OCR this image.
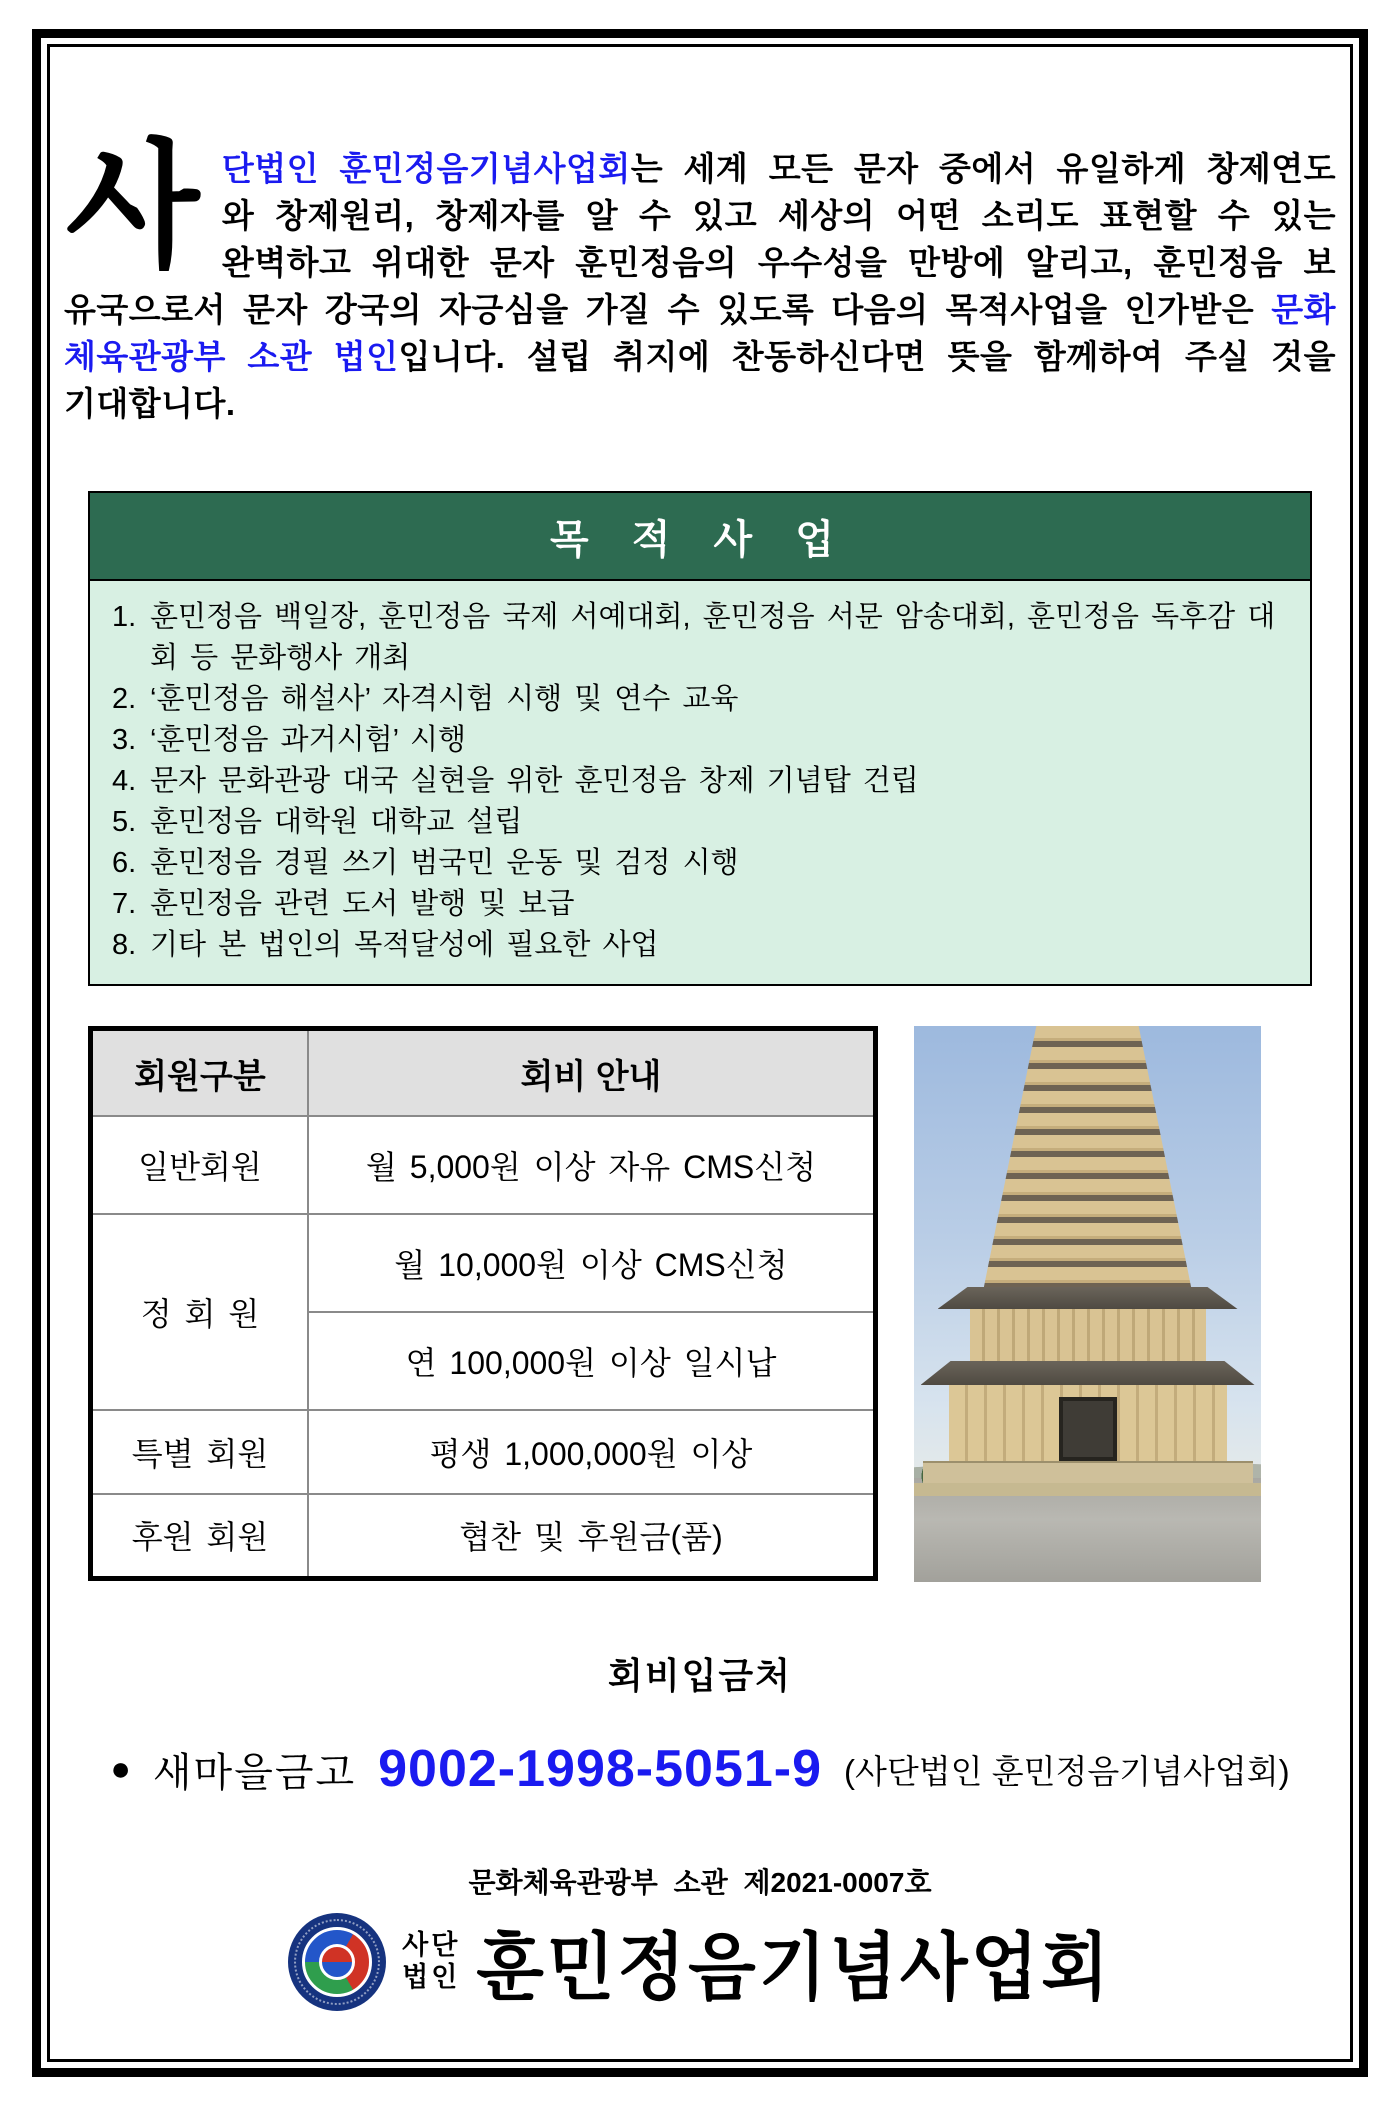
사단법인 훈민정음기념사업회는 세계 모든 문자 중에서 유일하게 창제연도와 창제원리, 창제자를 알 수 있고 세상의 어떤 소리도 표현할 수 있는 완벽하고 위대한 문자 훈민정음의 우수성을 만방에 알리고, 훈민정음 보유국으로서 문자 강국의 자긍심을 가질 수 있도록 다음의 목적사업을 인가받은 문화체육관광부 소관 법인입니다. 설립 취지에 찬동하신다면 뜻을 함께하여 주실 것을 기대합니다.
목 적 사 업
1. 훈민정음 백일장, 훈민정음 국제 서예대회, 훈민정음 서문 암송대회, 훈민정음 독후감 대회 등 문화행사 개최
2. ‘훈민정음 해설사’ 자격시험 시행 및 연수 교육
3. ‘훈민정음 과거시험’ 시행
4. 문자 문화관광 대국 실현을 위한 훈민정음 창제 기념탑 건립
5. 훈민정음 대학원 대학교 설립
6. 훈민정음 경필 쓰기 범국민 운동 및 검정 시행
7. 훈민정음 관련 도서 발행 및 보급
8. 기타 본 법인의 목적달성에 필요한 사업
회원구분	회비 안내
일반회원	월 5,000원 이상 자유 CMS신청
정 회 원	월 10,000원 이상 CMS신청
	연 100,000원 이상 일시납
특별 회원	평생 1,000,000원 이상
후원 회원	협찬 및 후원금(품)
회비입금처
● 새마을금고 9002-1998-5051-9 (사단법인 훈민정음기념사업회)
문화체육관광부 소관 제2021-0007호
사단
법인 훈민정음기념사업회
